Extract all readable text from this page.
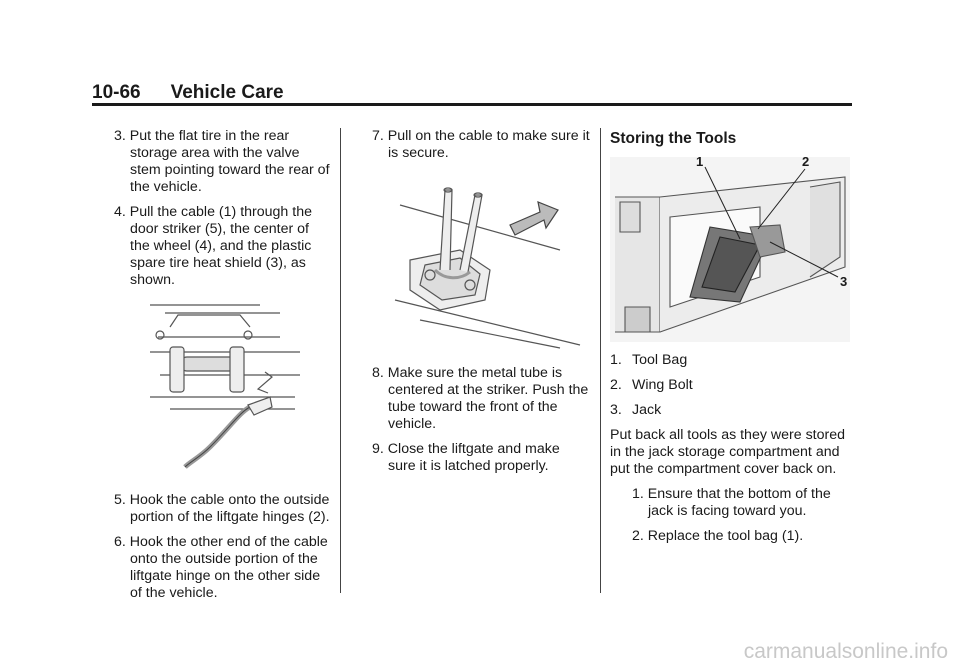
10-66 Vehicle Care
3. Put the flat tire in the rear storage area with the valve stem pointing toward the rear of the vehicle.
4. Pull the cable (1) through the door striker (5), the center of the wheel (4), and the plastic spare tire heat shield (3), as shown.
5. Hook the cable onto the outside portion of the liftgate hinges (2).
6. Hook the other end of the cable onto the outside portion of the liftgate hinge on the other side of the vehicle.
7. Pull on the cable to make sure it is secure.
8. Make sure the metal tube is centered at the striker. Push the tube toward the front of the vehicle.
9. Close the liftgate and make sure it is latched properly.
Storing the Tools
1	2
3
1. Tool Bag
2. Wing Bolt
3. Jack
Put back all tools as they were stored in the jack storage compartment and put the compartment cover back on.
1. Ensure that the bottom of the jack is facing toward you.
2. Replace the tool bag (1).
carmanualsonline.info
